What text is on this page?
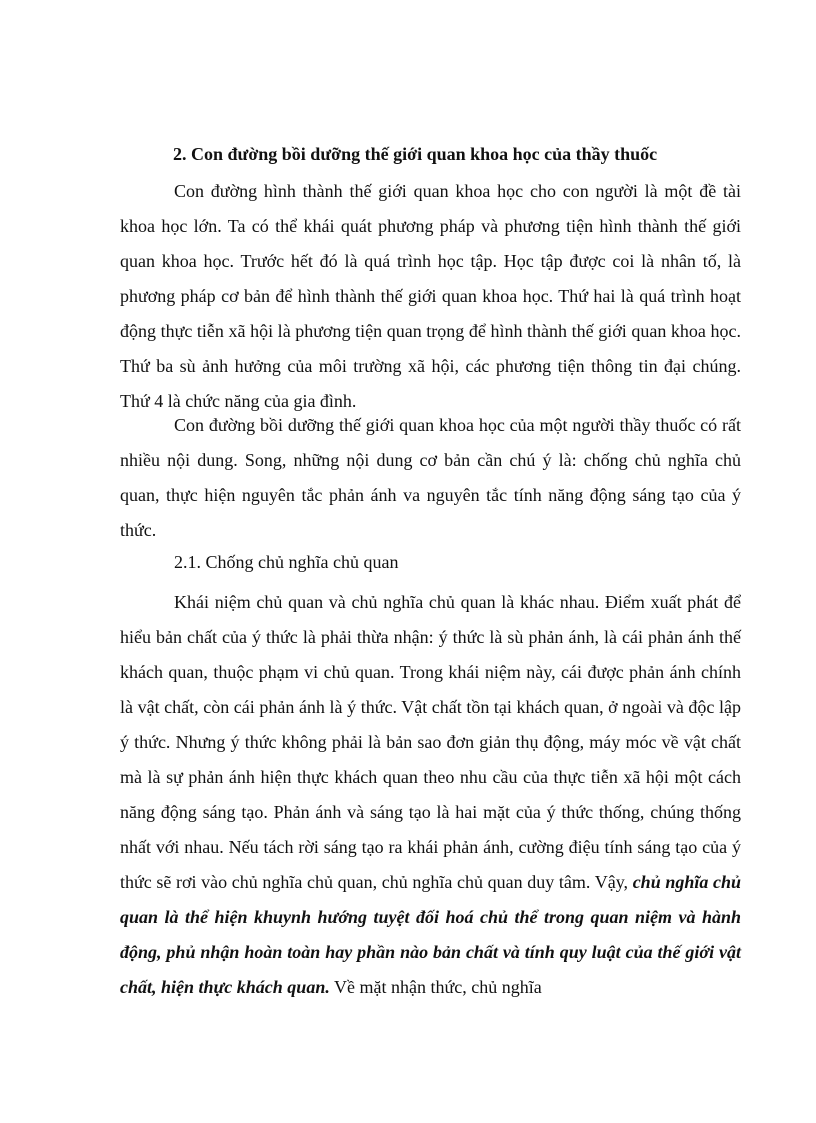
2. Con đường bồi dưỡng thế giới quan khoa học của thầy thuốc

Con đường hình thành thế giới quan khoa học cho con người là một đề tài khoa học lớn. Ta có thể khái quát phương pháp và phương tiện hình thành thế giới quan khoa học. Trước hết đó là quá trình học tập. Học tập được coi là nhân tố, là phương pháp cơ bản để hình thành thế giới quan khoa học. Thứ hai là quá trình hoạt động thực tiễn xã hội là phương tiện quan trọng để hình thành thế giới quan khoa học. Thứ ba sù ảnh hưởng của môi trường xã hội, các phương tiện thông tin đại chúng. Thứ 4 là chức năng của gia đình.

Con đường bồi dưỡng thế giới quan khoa học của một người thầy thuốc có rất nhiều nội dung. Song, những nội dung cơ bản cần chú ý là: chống chủ nghĩa chủ quan, thực hiện nguyên tắc phản ánh va nguyên tắc tính năng động sáng tạo của ý thức.

2.1. Chống chủ nghĩa chủ quan

Khái niệm chủ quan và chủ nghĩa chủ quan là khác nhau. Điểm xuất phát để hiểu bản chất của ý thức là phải thừa nhận: ý thức là sù phản ánh, là cái phản ánh thế khách quan, thuộc phạm vi chủ quan. Trong khái niệm này, cái được phản ánh chính là vật chất, còn cái phản ánh là ý thức. Vật chất tồn tại khách quan, ở ngoài và độc lập ý thức. Nhưng ý thức không phải là bản sao đơn giản thụ động, máy móc về vật chất mà là sự phản ánh hiện thực khách quan theo nhu cầu của thực tiễn xã hội một cách năng động sáng tạo. Phản ánh và sáng tạo là hai mặt của ý thức thống, chúng thống nhất với nhau. Nếu tách rời sáng tạo ra khái phản ánh, cường điệu tính sáng tạo của ý thức sẽ rơi vào chủ nghĩa chủ quan, chủ nghĩa chủ quan duy tâm. Vậy, chủ nghĩa chủ quan là thể hiện khuynh hướng tuyệt đối hoá chủ thể trong quan niệm và hành động, phủ nhận hoàn toàn hay phần nào bản chất và tính quy luật của thế giới vật chất, hiện thực khách quan. Về mặt nhận thức, chủ nghĩa
